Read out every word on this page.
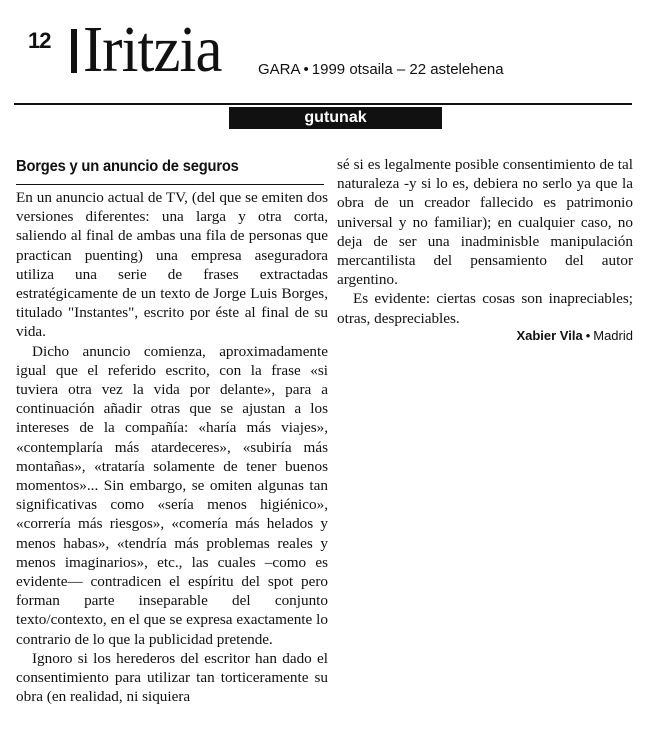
12 Iritzia GARA • 1999 otsaila – 22 astelehena
gutunak
Borges y un anuncio de seguros

En un anuncio actual de TV, (del que se emiten dos versiones diferentes: una larga y otra corta, saliendo al final de ambas una fila de personas que practican puenting) una empresa aseguradora utiliza una serie de frases extractadas estratégicamente de un texto de Jorge Luis Borges, titulado "Instantes", escrito por éste al final de su vida.

Dicho anuncio comienza, aproximadamente igual que el referido escrito, con la frase «si tuviera otra vez la vida por delante», para a continuación añadir otras que se ajustan a los intereses de la compañía: «haría más viajes», «contemplaría más atardeceres», «subiría más montañas», «trataría solamente de tener buenos momentos»... Sin embargo, se omiten algunas tan significativas como «sería menos higiénico», «correría más riesgos», «comería más helados y menos habas», «tendría más problemas reales y menos imaginarios», etc., las cuales –como es evidente— contradicen el espíritu del spot pero forman parte inseparable del conjunto texto/contexto, en el que se expresa exactamente lo contrario de lo que la publicidad pretende.

Ignoro si los herederos del escritor han dado el consentimiento para utilizar tan torticeramente su obra (en realidad, ni siquiera

sé si es legalmente posible consentimiento de tal naturaleza -y si lo es, debiera no serlo ya que la obra de un creador fallecido es patrimonio universal y no familiar); en cualquier caso, no deja de ser una inadminisble manipulación mercantilista del pensamiento del autor argentino.

Es evidente: ciertas cosas son inapreciables; otras, despreciables.

Xabier Vila • Madrid
